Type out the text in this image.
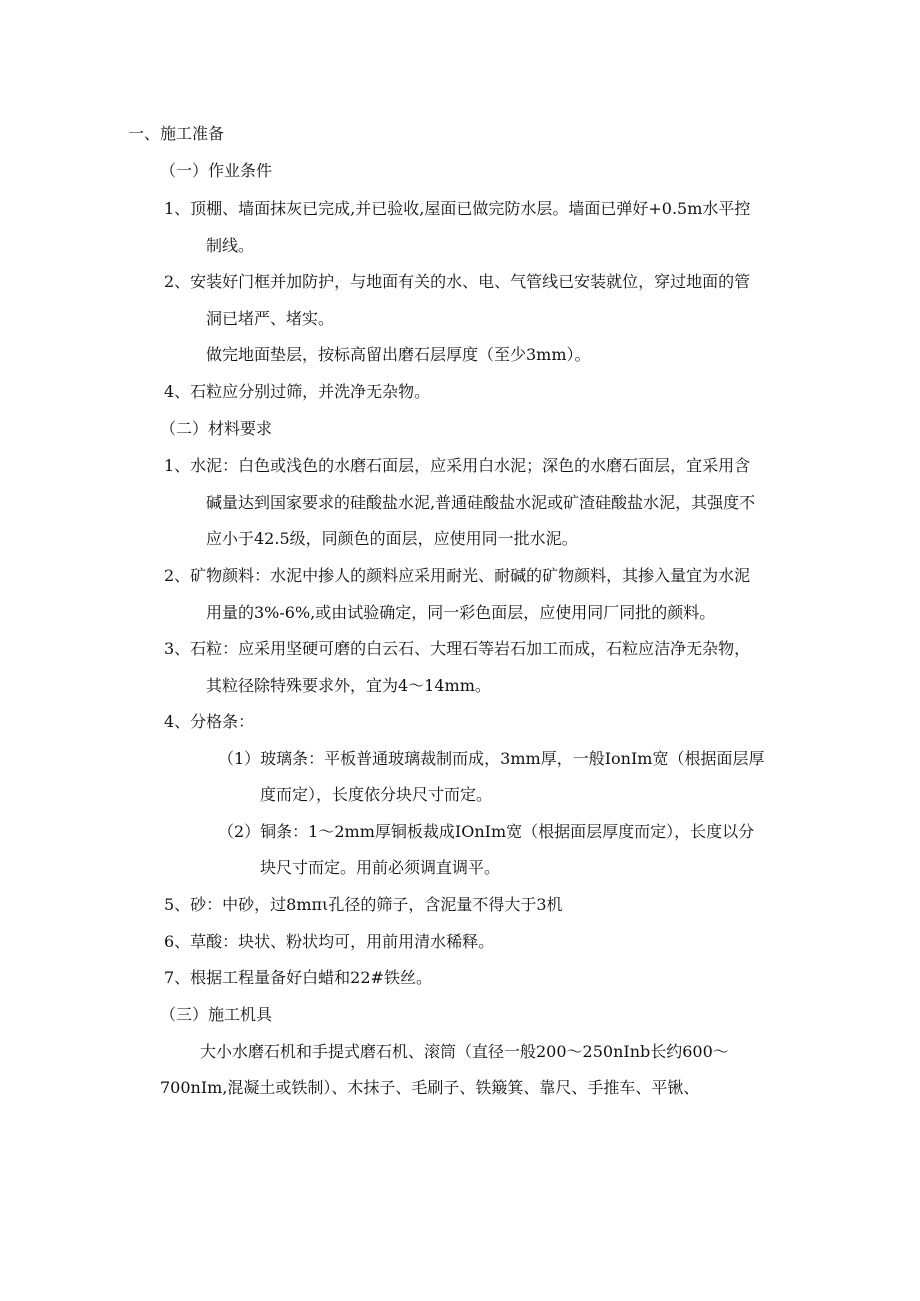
一、施工准备
（一）作业条件
1、顶棚、墙面抹灰已完成,并已验收,屋面已做完防水层。墙面已弹好+0.5m水平控
制线。
2、安装好门框并加防护，与地面有关的水、电、气管线已安装就位，穿过地面的管
洞已堵严、堵实。
做完地面垫层，按标高留出磨石层厚度（至少3mm）。
4、石粒应分别过筛，并洗净无杂物。
（二）材料要求
1、水泥：白色或浅色的水磨石面层，应采用白水泥；深色的水磨石面层，宜采用含
碱量达到国家要求的硅酸盐水泥,普通硅酸盐水泥或矿渣硅酸盐水泥，其强度不
应小于42.5级，同颜色的面层，应使用同一批水泥。
2、矿物颜料：水泥中掺人的颜料应采用耐光、耐碱的矿物颜料，其掺入量宜为水泥
用量的3%-6%,或由试验确定，同一彩色面层，应使用同厂同批的颜料。
3、石粒：应采用坚硬可磨的白云石、大理石等岩石加工而成，石粒应洁净无杂物，
其粒径除特殊要求外，宜为4～14mm。
4、分格条：
（1）玻璃条：平板普通玻璃裁制而成，3mm厚，一般IonIm宽（根据面层厚
度而定），长度依分块尺寸而定。
（2）铜条：1～2mm厚铜板裁成IOnIm宽（根据面层厚度而定），长度以分
块尺寸而定。用前必须调直调平。
5、砂：中砂，过8mπι孔径的筛子，含泥量不得大于3机
6、草酸：块状、粉状均可，用前用清水稀释。
7、根据工程量备好白蜡和22#铁丝。
（三）施工机具
大小水磨石机和手提式磨石机、滚筒（直径一般200～250nInb长约600～
700nIm,混凝土或铁制）、木抹子、毛刷子、铁簸箕、靠尺、手推车、平锹、
